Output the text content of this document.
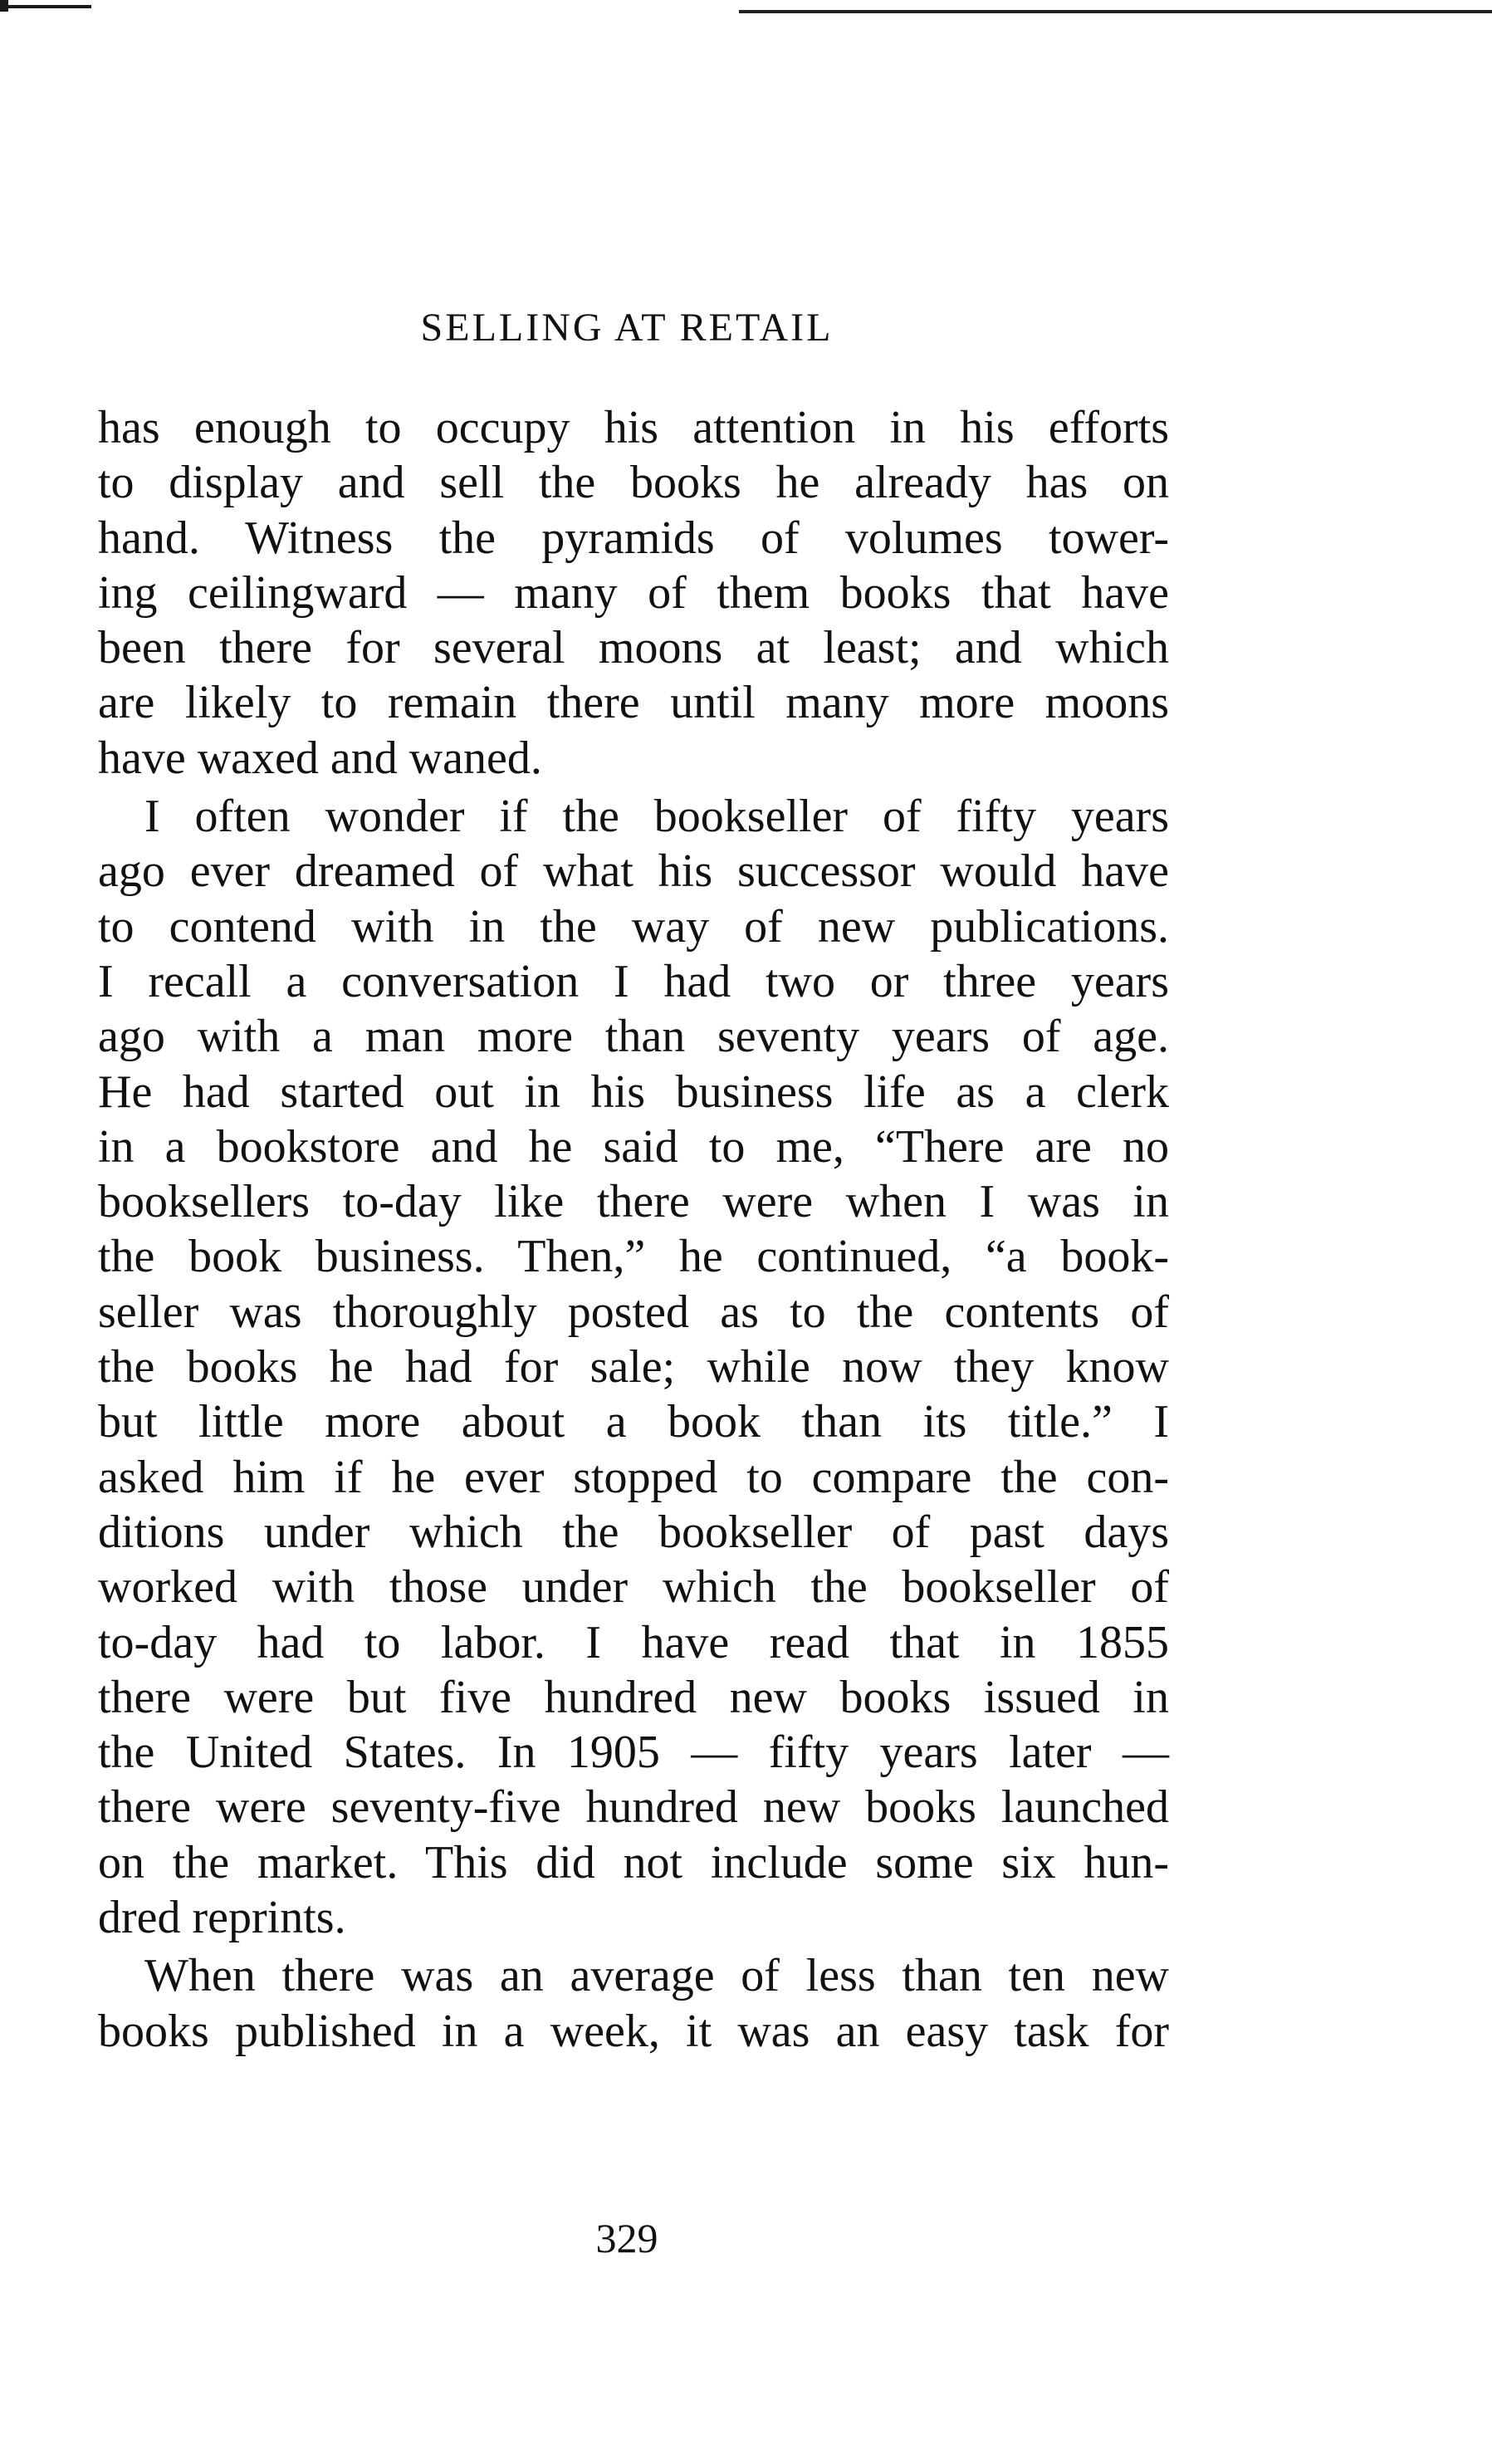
SELLING AT RETAIL
has enough to occupy his attention in his efforts
to display and sell the books he already has on
hand. Witness the pyramids of volumes tower-
ing ceilingward — many of them books that have
been there for several moons at least; and which
are likely to remain there until many more moons
have waxed and waned.
I often wonder if the bookseller of fifty years
ago ever dreamed of what his successor would have
to contend with in the way of new publications.
I recall a conversation I had two or three years
ago with a man more than seventy years of age.
He had started out in his business life as a clerk
in a bookstore and he said to me, “There are no
booksellers to-day like there were when I was in
the book business. Then,” he continued, “a book-
seller was thoroughly posted as to the contents of
the books he had for sale; while now they know
but little more about a book than its title.” I
asked him if he ever stopped to compare the con-
ditions under which the bookseller of past days
worked with those under which the bookseller of
to-day had to labor. I have read that in 1855
there were but five hundred new books issued in
the United States. In 1905 — fifty years later —
there were seventy-five hundred new books launched
on the market. This did not include some six hun-
dred reprints.
When there was an average of less than ten new
books published in a week, it was an easy task for
329
